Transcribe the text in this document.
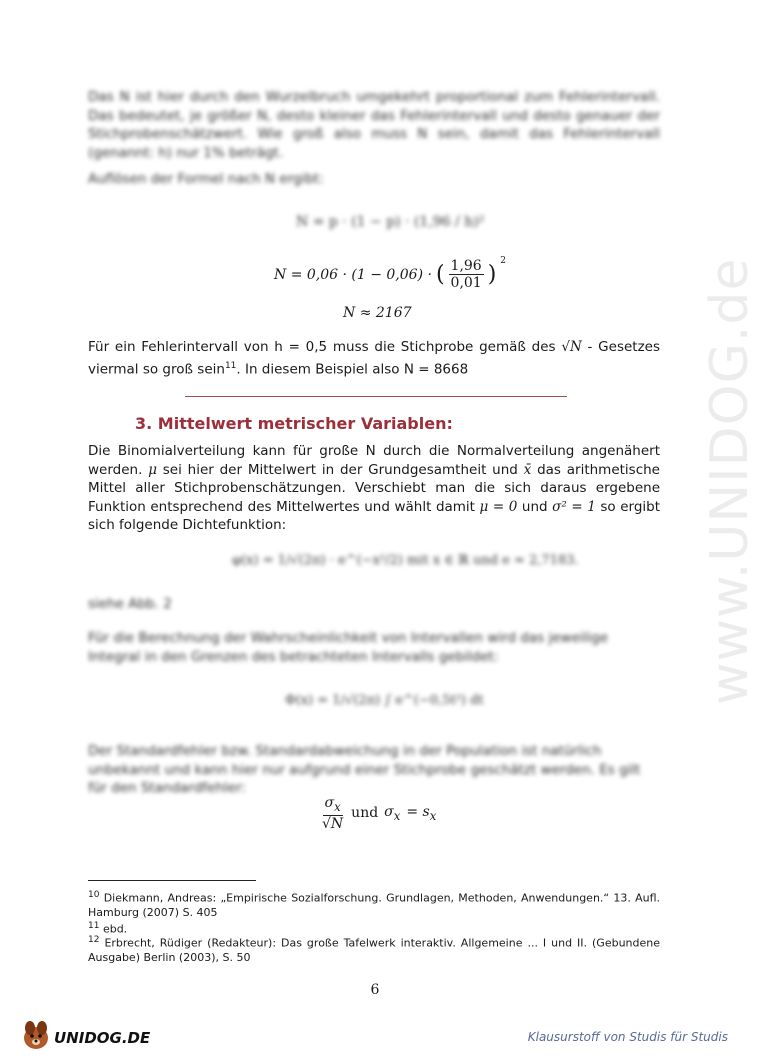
www.UNIDOG.de
Das N ist hier durch den Wurzelbruch umgekehrt proportional zum Fehlerintervall. Das bedeutet, je größer N, desto kleiner das Fehlerintervall und desto genauer der Stichprobenschätzwert. Wie groß also muss N sein, damit das Fehlerintervall (genannt: h) nur 1% beträgt.
Auflösen der Formel nach N ergibt:
N = p · (1 − p) · (1,96 / h)²
N = 0,06 · (1 − 0,06) · ( $\frac{1,96}{0,01}$ )
$^2$
N ≈ 2167
Für ein Fehlerintervall von h = 0,5 muss die Stichprobe gemäß des √N - Gesetzes viermal so groß sein$^{11}$. In diesem Beispiel also N = 8668
3. Mittelwert metrischer Variablen:
Die Binomialverteilung kann für große N durch die Normalverteilung angenähert werden. μ sei hier der Mittelwert in der Grundgesamtheit und x̄ das arithmetische Mittel aller Stichprobenschätzungen. Verschiebt man die sich daraus ergebene Funktion entsprechend des Mittelwertes und wählt damit μ = 0 und σ² = 1 so ergibt sich folgende Dichtefunktion:
φ(x) = 1/√(2π) · e^(−x²/2) mit x ∈ ℝ und e ≈ 2,7183.
siehe Abb. 2
Für die Berechnung der Wahrscheinlichkeit von Intervallen wird das jeweilige Integral in den Grenzen des betrachteten Intervalls gebildet:
Φ(x) = 1/√(2π) ∫ e^(−0,5t²) dt
Der Standardfehler bzw. Standardabweichung in der Population ist natürlich unbekannt und kann hier nur aufgrund einer Stichprobe geschätzt werden. Es gilt für den Standardfehler:
$\frac{\sigma_x}{√N}$ und $\sigma_x = s_x$
$^{10}$ Diekmann, Andreas: „Empirische Sozialforschung. Grundlagen, Methoden, Anwendungen.“ 13. Aufl. Hamburg (2007) S. 405
$^{11}$ ebd.
$^{12}$ Erbrecht, Rüdiger (Redakteur): Das große Tafelwerk interaktiv. Allgemeine ... I und II. (Gebundene Ausgabe) Berlin (2003), S. 50
6
UNIDOG.DE	Klausurstoff von Studis für Studis
